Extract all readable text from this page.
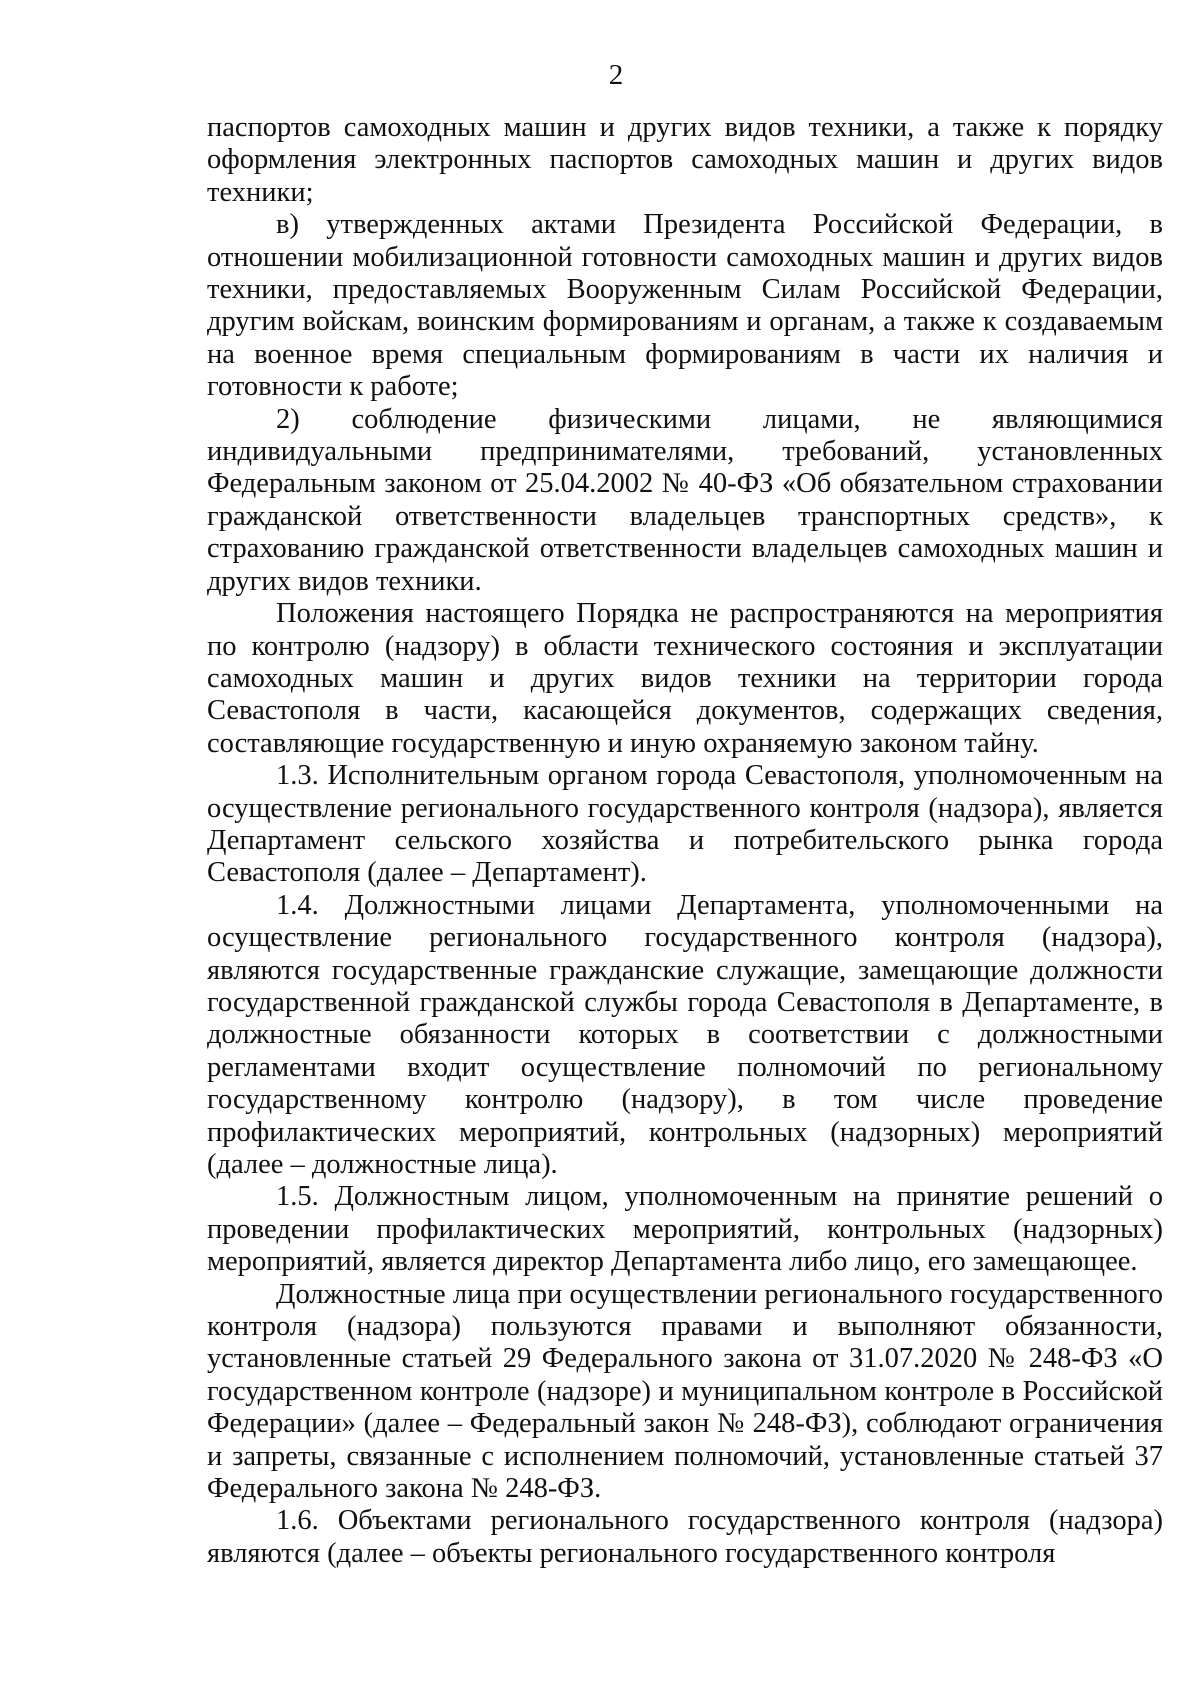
2

паспортов самоходных машин и других видов техники, а также к порядку оформления электронных паспортов самоходных машин и других видов техники;

в) утвержденных актами Президента Российской Федерации, в отношении мобилизационной готовности самоходных машин и других видов техники, предоставляемых Вооруженным Силам Российской Федерации, другим войскам, воинским формированиям и органам, а также к создаваемым на военное время специальным формированиям в части их наличия и готовности к работе;

2) соблюдение физическими лицами, не являющимися индивидуальными предпринимателями, требований, установленных Федеральным законом от 25.04.2002 № 40-ФЗ «Об обязательном страховании гражданской ответственности владельцев транспортных средств», к страхованию гражданской ответственности владельцев самоходных машин и других видов техники.

Положения настоящего Порядка не распространяются на мероприятия по контролю (надзору) в области технического состояния и эксплуатации самоходных машин и других видов техники на территории города Севастополя в части, касающейся документов, содержащих сведения, составляющие государственную и иную охраняемую законом тайну.

1.3. Исполнительным органом города Севастополя, уполномоченным на осуществление регионального государственного контроля (надзора), является Департамент сельского хозяйства и потребительского рынка города Севастополя (далее – Департамент).

1.4. Должностными лицами Департамента, уполномоченными на осуществление регионального государственного контроля (надзора), являются государственные гражданские служащие, замещающие должности государственной гражданской службы города Севастополя в Департаменте, в должностные обязанности которых в соответствии с должностными регламентами входит осуществление полномочий по региональному государственному контролю (надзору), в том числе проведение профилактических мероприятий, контрольных (надзорных) мероприятий (далее – должностные лица).

1.5. Должностным лицом, уполномоченным на принятие решений о проведении профилактических мероприятий, контрольных (надзорных) мероприятий, является директор Департамента либо лицо, его замещающее.

Должностные лица при осуществлении регионального государственного контроля (надзора) пользуются правами и выполняют обязанности, установленные статьей 29 Федерального закона от 31.07.2020 № 248-ФЗ «О государственном контроле (надзоре) и муниципальном контроле в Российской Федерации» (далее – Федеральный закон № 248-ФЗ), соблюдают ограничения и запреты, связанные с исполнением полномочий, установленные статьей 37 Федерального закона № 248-ФЗ.

1.6. Объектами регионального государственного контроля (надзора) являются (далее – объекты регионального государственного контроля
